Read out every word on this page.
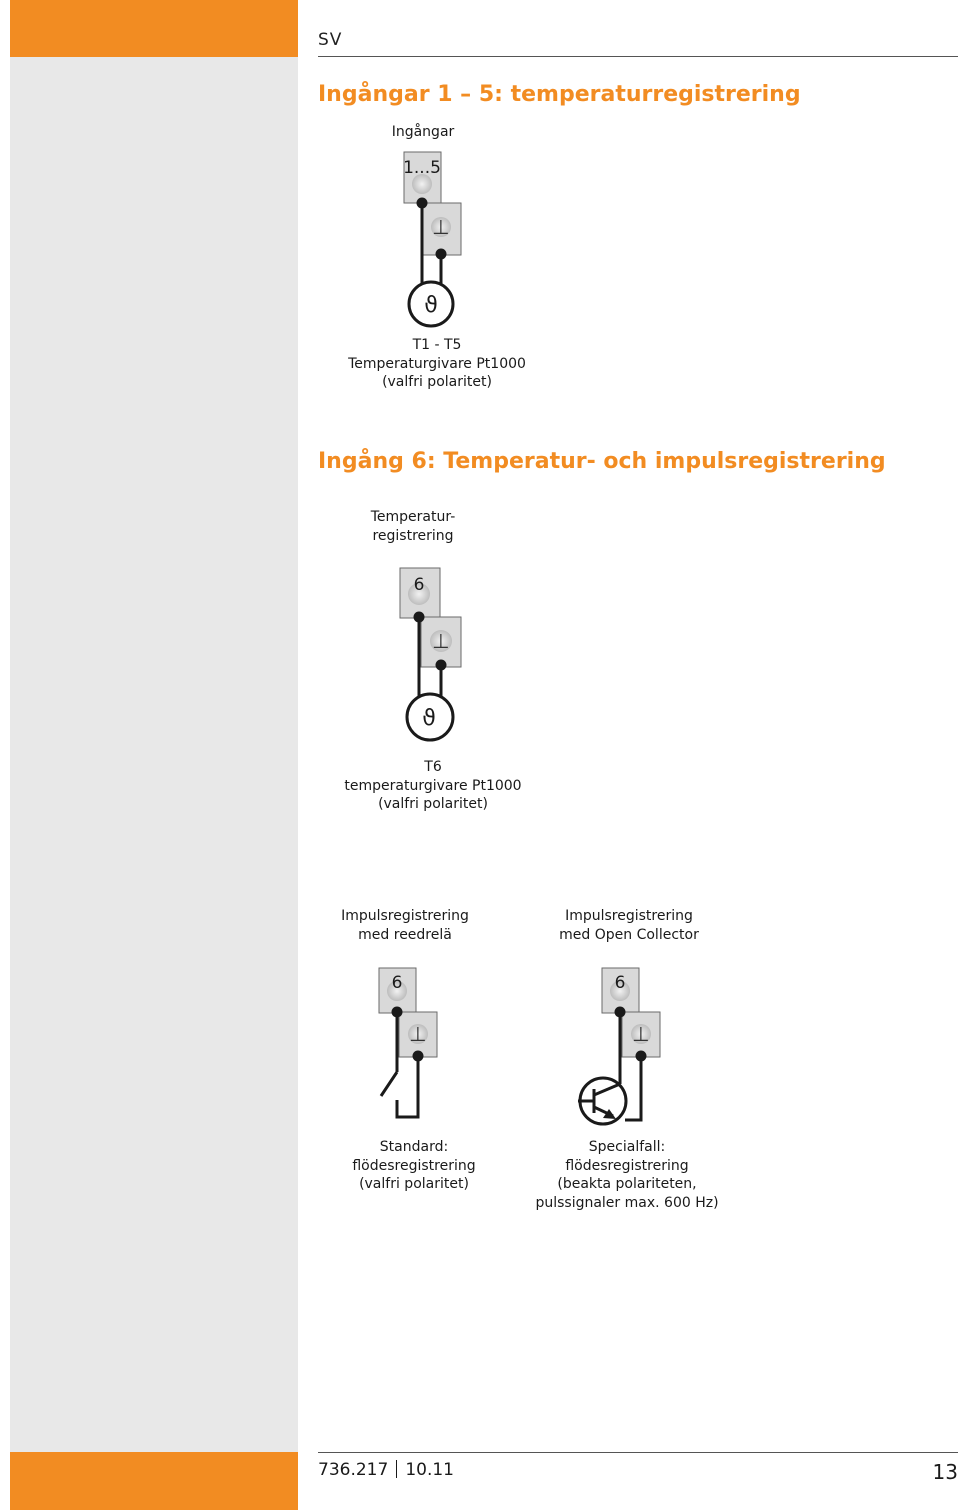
SV
Ingångar 1 – 5: temperaturregistrering
Ingångar
1...5
⊥
ϑ
6
⊥
ϑ
6
⊥
6
⊥
T1 - T5
Temperaturgivare Pt1000
(valfri polaritet)
Ingång 6: Temperatur- och impulsregistrering
Temperatur-
registrering
T6
temperaturgivare Pt1000
(valfri polaritet)
Impulsregistrering
med reedrelä
Impulsregistrering
med Open Collector
Standard:
flödesregistrering
(valfri polaritet)
Specialfall:
flödesregistrering
(beakta polariteten,
pulssignaler max. 600 Hz)
736.217 10.11	13
